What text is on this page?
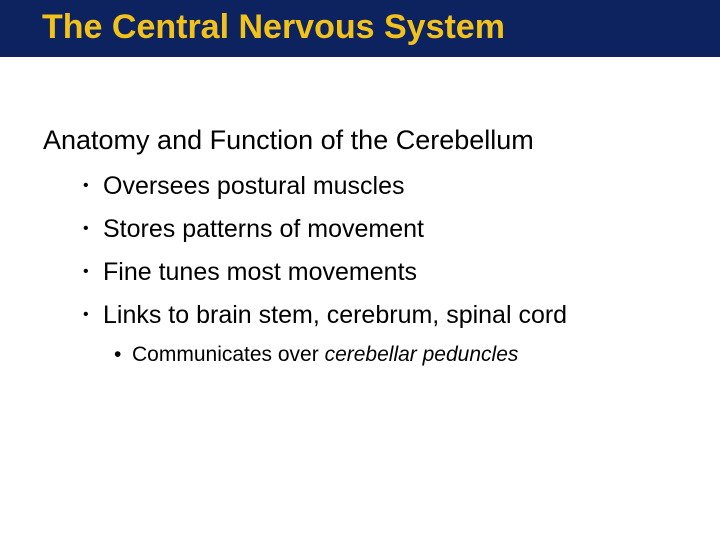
The Central Nervous System
Anatomy and Function of the Cerebellum
• Oversees postural muscles
• Stores patterns of movement
• Fine tunes most movements
• Links to brain stem, cerebrum, spinal cord
• Communicates over cerebellar peduncles
